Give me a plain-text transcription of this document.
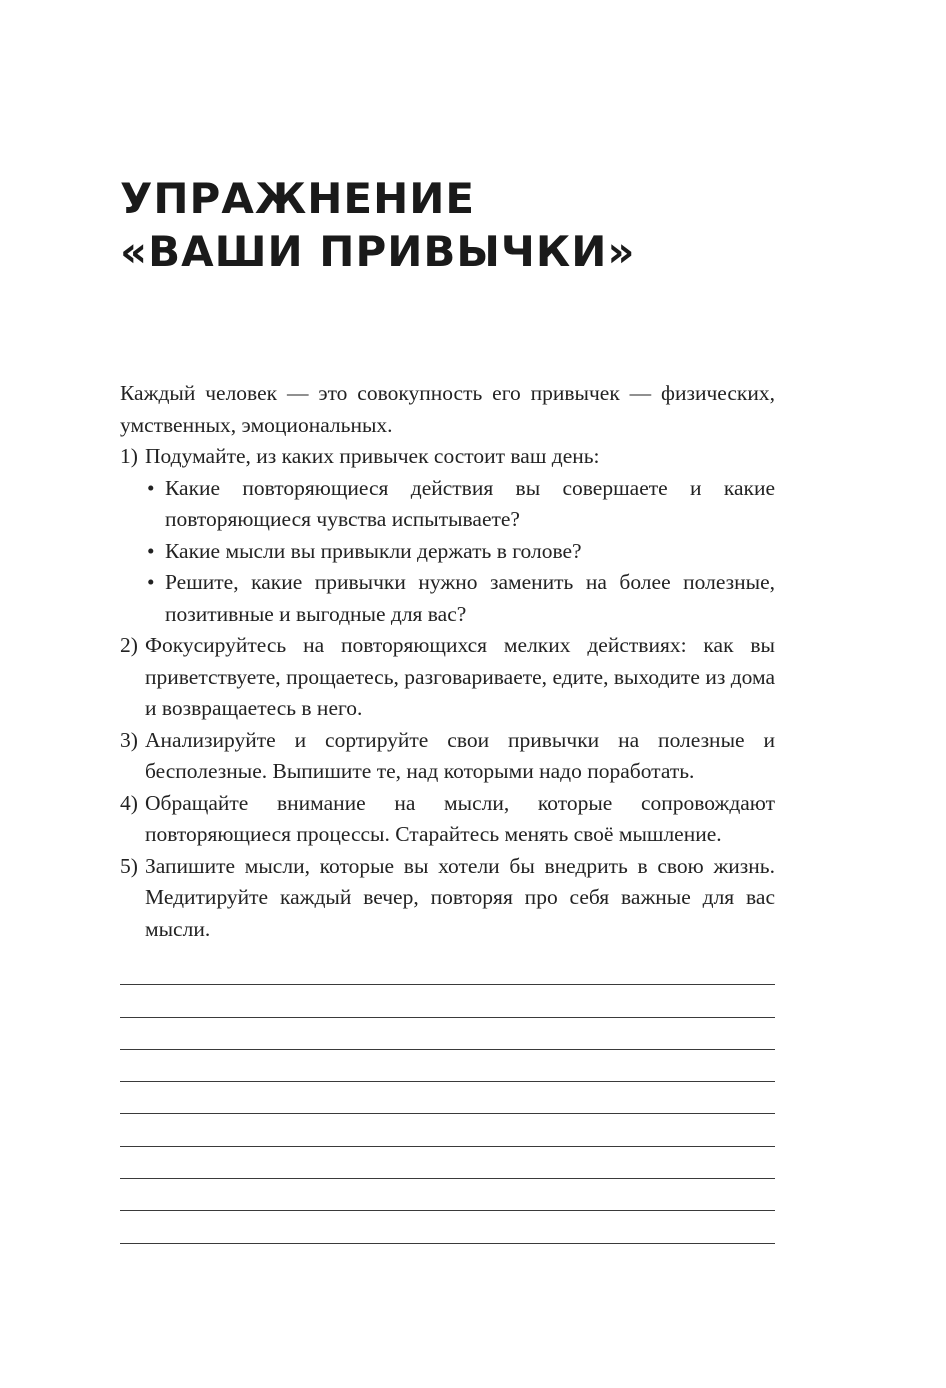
УПРАЖНЕНИЕ
«ВАШИ ПРИВЫЧКИ»

Каждый человек — это совокупность его привычек — физических, умственных, эмоциональных.

1) Подумайте, из каких привычек состоит ваш день:
• Какие повторяющиеся действия вы совершаете и какие повторяющиеся чувства испытываете?
• Какие мысли вы привыкли держать в голове?
• Решите, какие привычки нужно заменить на более полезные, позитивные и выгодные для вас?
2) Фокусируйтесь на повторяющихся мелких действиях: как вы приветствуете, прощаетесь, разговариваете, едите, выходите из дома и возвращаетесь в него.
3) Анализируйте и сортируйте свои привычки на полезные и бесполезные. Выпишите те, над которыми надо поработать.
4) Обращайте внимание на мысли, которые сопровождают повторяющиеся процессы. Старайтесь менять своё мышление.
5) Запишите мысли, которые вы хотели бы внедрить в свою жизнь. Медитируйте каждый вечер, повторяя про себя важные для вас мысли.
